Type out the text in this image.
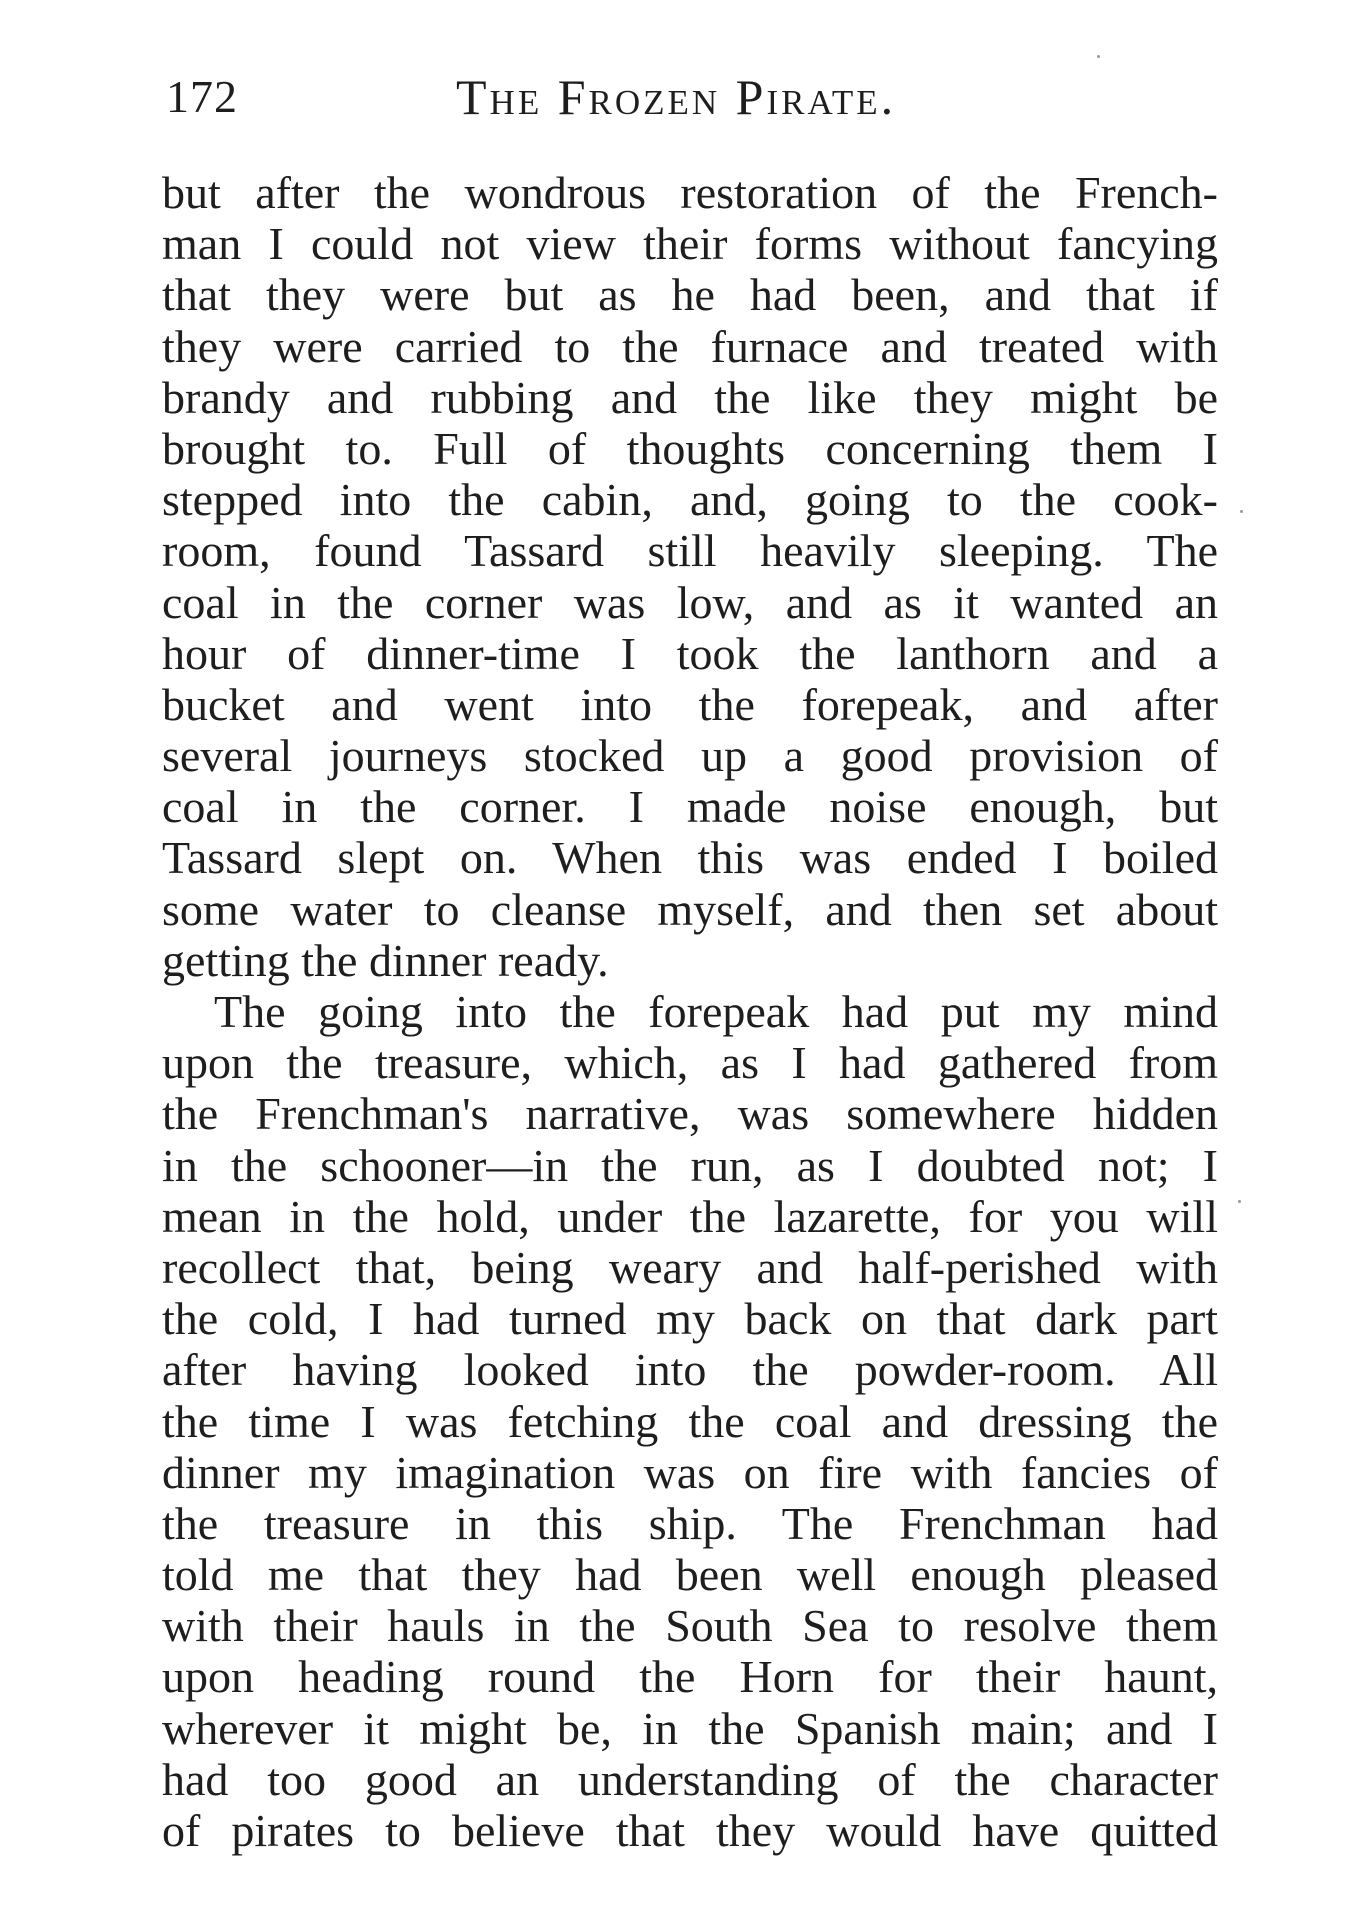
172	The Frozen Pirate.
but after the wondrous restoration of the French-
man I could not view their forms without fancying
that they were but as he had been, and that if
they were carried to the furnace and treated with
brandy and rubbing and the like they might be
brought to. Full of thoughts concerning them I
stepped into the cabin, and, going to the cook-
room, found Tassard still heavily sleeping. The
coal in the corner was low, and as it wanted an
hour of dinner-time I took the lanthorn and a
bucket and went into the forepeak, and after
several journeys stocked up a good provision of
coal in the corner. I made noise enough, but
Tassard slept on. When this was ended I boiled
some water to cleanse myself, and then set about
getting the dinner ready.
The going into the forepeak had put my mind
upon the treasure, which, as I had gathered from
the Frenchman's narrative, was somewhere hidden
in the schooner—in the run, as I doubted not; I
mean in the hold, under the lazarette, for you will
recollect that, being weary and half-perished with
the cold, I had turned my back on that dark part
after having looked into the powder-room. All
the time I was fetching the coal and dressing the
dinner my imagination was on fire with fancies of
the treasure in this ship. The Frenchman had
told me that they had been well enough pleased
with their hauls in the South Sea to resolve them
upon heading round the Horn for their haunt,
wherever it might be, in the Spanish main; and I
had too good an understanding of the character
of pirates to believe that they would have quitted
